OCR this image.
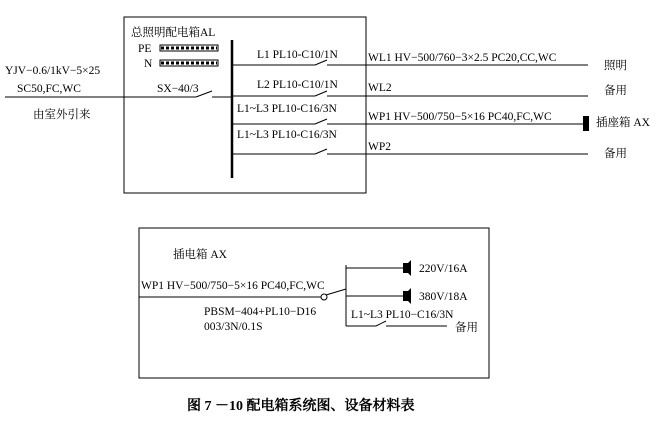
总照明配电箱AL
PE
N
YJV−0.6/1kV−5×25
SC50,FC,WC
由室外引来
SX−40/3
L1 PL10-C10/1N	WL1 HV−500/760−3×2.5 PC20,CC,WC
照明
L2 PL10-C10/1N	WL2	备用
L1~L3 PL10-C16/3N
WP1 HV−500/750−5×16 PC40,FC,WC	插座箱 AX
L1~L3 PL10-C16/3N
WP2
备用
插电箱 AX
WP1 HV−500/750−5×16 PC40,FC,WC
PBSM−404+PL10−D16
003/3N/0.1S
220V/16A
380V/18A
L1~L3 PL10−C16/3N
备用
图 7 －10 配电箱系统图、设备材料表
